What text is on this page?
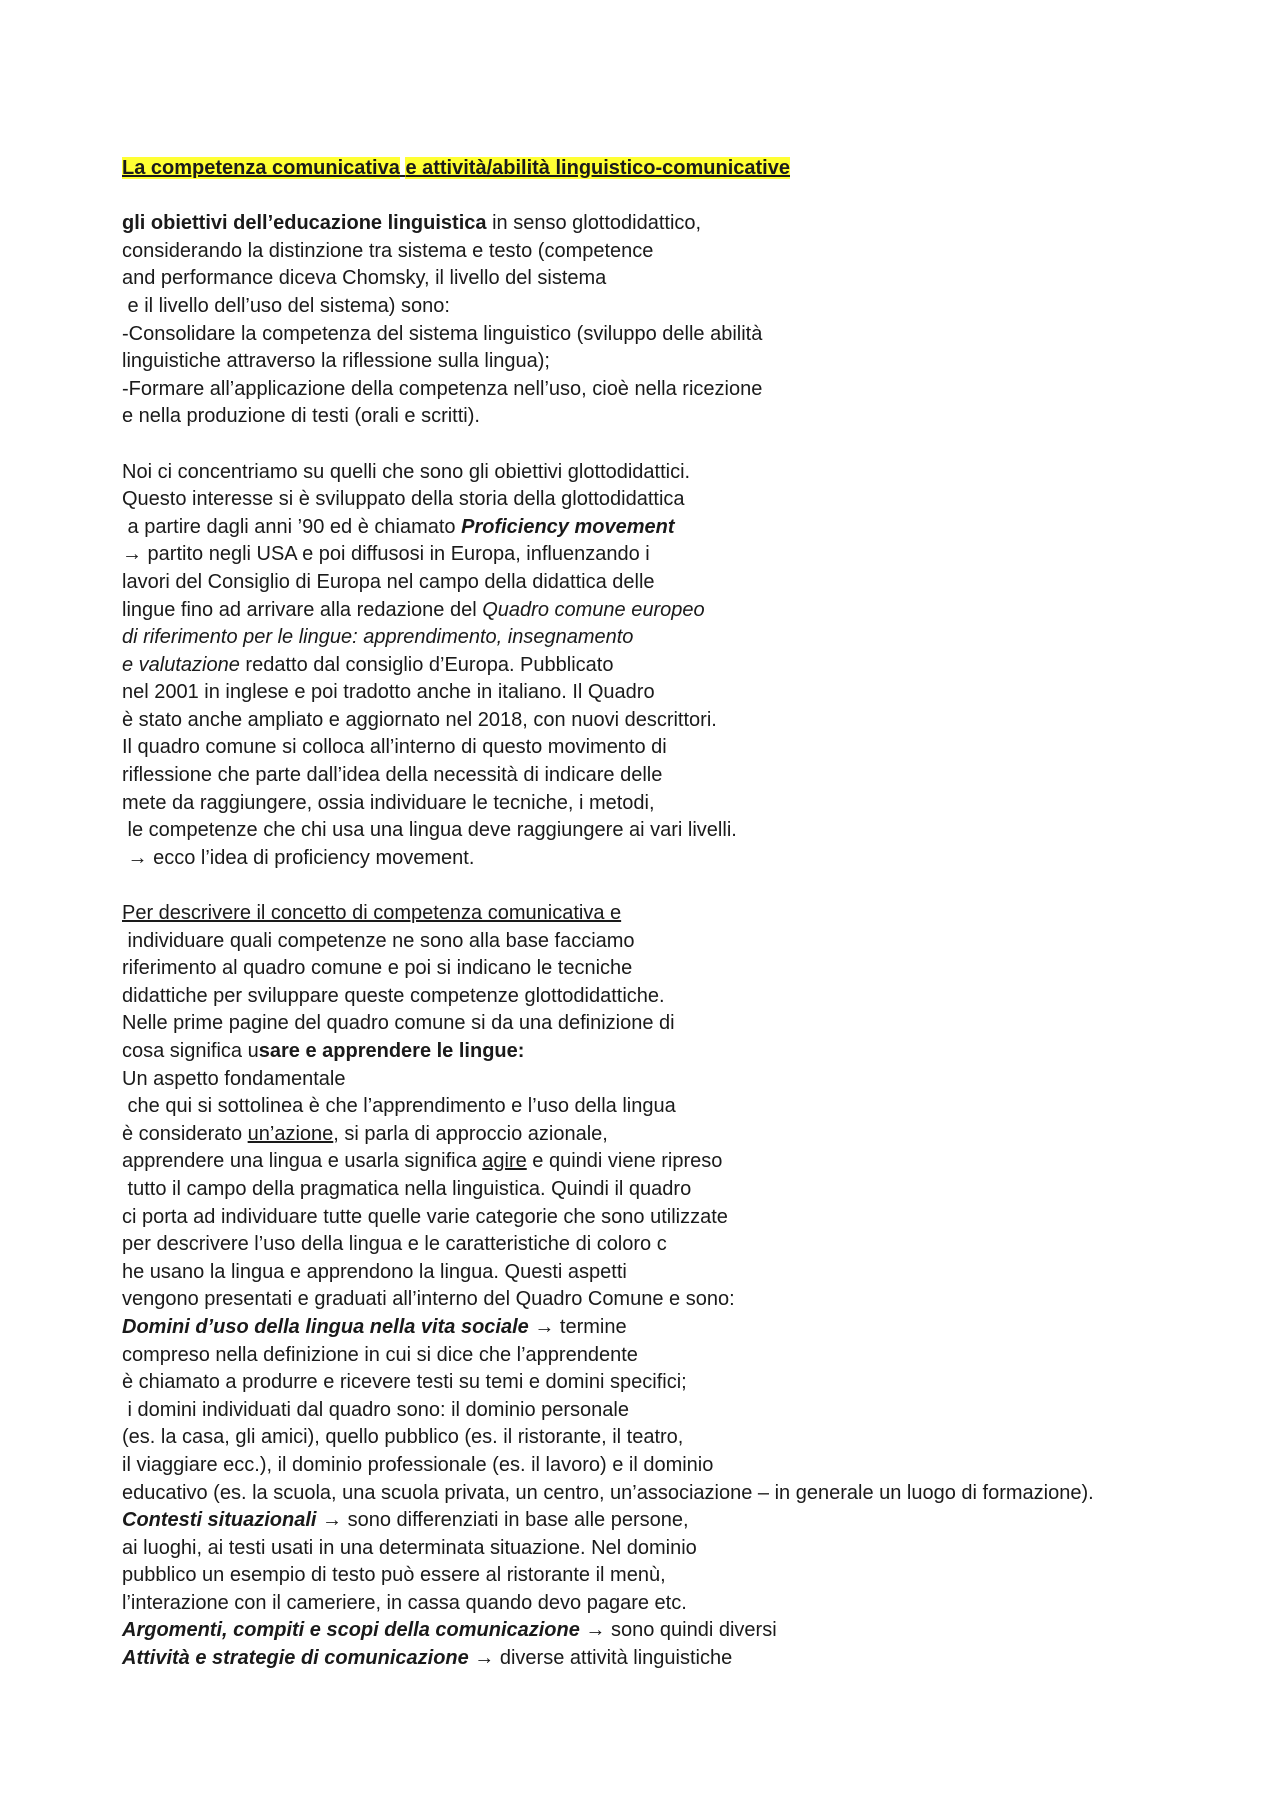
La competenza comunicativa e attività/abilità linguistico-comunicative

gli obiettivi dell’educazione linguistica in senso glottodidattico,

considerando la distinzione tra sistema e testo (competence

and performance diceva Chomsky, il livello del sistema

e il livello dell’uso del sistema) sono:

-Consolidare la competenza del sistema linguistico (sviluppo delle abilità

linguistiche attraverso la riflessione sulla lingua);

-Formare all’applicazione della competenza nell’uso, cioè nella ricezione

e nella produzione di testi (orali e scritti).

Noi ci concentriamo su quelli che sono gli obiettivi glottodidattici.

Questo interesse si è sviluppato della storia della glottodidattica

a partire dagli anni ’90 ed è chiamato Proficiency movement

→ partito negli USA e poi diffusosi in Europa, influenzando i

lavori del Consiglio di Europa nel campo della didattica delle

lingue fino ad arrivare alla redazione del Quadro comune europeo

di riferimento per le lingue: apprendimento, insegnamento

e valutazione redatto dal consiglio d’Europa. Pubblicato

nel 2001 in inglese e poi tradotto anche in italiano. Il Quadro

è stato anche ampliato e aggiornato nel 2018, con nuovi descrittori.

Il quadro comune si colloca all’interno di questo movimento di

riflessione che parte dall’idea della necessità di indicare delle

mete da raggiungere, ossia individuare le tecniche, i metodi,

le competenze che chi usa una lingua deve raggiungere ai vari livelli.

→ ecco l’idea di proficiency movement.

Per descrivere il concetto di competenza comunicativa e

individuare quali competenze ne sono alla base facciamo

riferimento al quadro comune e poi si indicano le tecniche

didattiche per sviluppare queste competenze glottodidattiche.

Nelle prime pagine del quadro comune si da una definizione di

cosa significa usare e apprendere le lingue:

Un aspetto fondamentale

che qui si sottolinea è che l’apprendimento e l’uso della lingua

è considerato un’azione, si parla di approccio azionale,

apprendere una lingua e usarla significa agire e quindi viene ripreso

tutto il campo della pragmatica nella linguistica. Quindi il quadro

ci porta ad individuare tutte quelle varie categorie che sono utilizzate

per descrivere l’uso della lingua e le caratteristiche di coloro c

he usano la lingua e apprendono la lingua. Questi aspetti

vengono presentati e graduati all’interno del Quadro Comune e sono:

Domini d’uso della lingua nella vita sociale → termine

compreso nella definizione in cui si dice che l’apprendente

è chiamato a produrre e ricevere testi su temi e domini specifici;

i domini individuati dal quadro sono: il dominio personale

(es. la casa, gli amici), quello pubblico (es. il ristorante, il teatro,

il viaggiare ecc.), il dominio professionale (es. il lavoro) e il dominio

educativo (es. la scuola, una scuola privata, un centro, un’associazione – in generale un luogo di formazione).

Contesti situazionali → sono differenziati in base alle persone,

ai luoghi, ai testi usati in una determinata situazione. Nel dominio

pubblico un esempio di testo può essere al ristorante il menù,

l’interazione con il cameriere, in cassa quando devo pagare etc.

Argomenti, compiti e scopi della comunicazione → sono quindi diversi

Attività e strategie di comunicazione → diverse attività linguistiche
